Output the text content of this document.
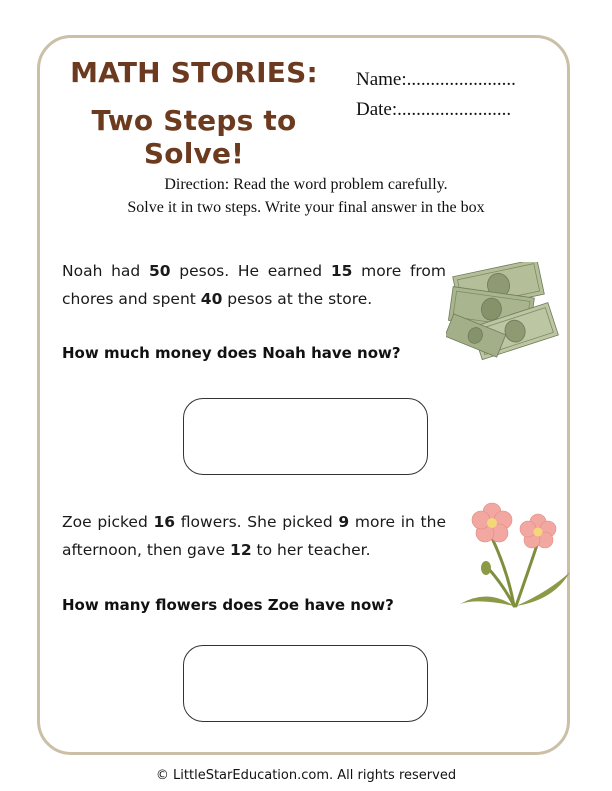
MATH STORIES:
Two Steps to Solve!
Name:.......................
Date:........................
Direction: Read the word problem carefully.
Solve it in two steps. Write your final answer in the box
Noah had 50 pesos. He earned 15 more from chores and spent 40 pesos at the store.
How much money does Noah have now?
Zoe picked 16 flowers. She picked 9 more in the afternoon, then gave 12 to her teacher.
How many flowers does Zoe have now?
© LittleStarEducation.com. All rights reserved
